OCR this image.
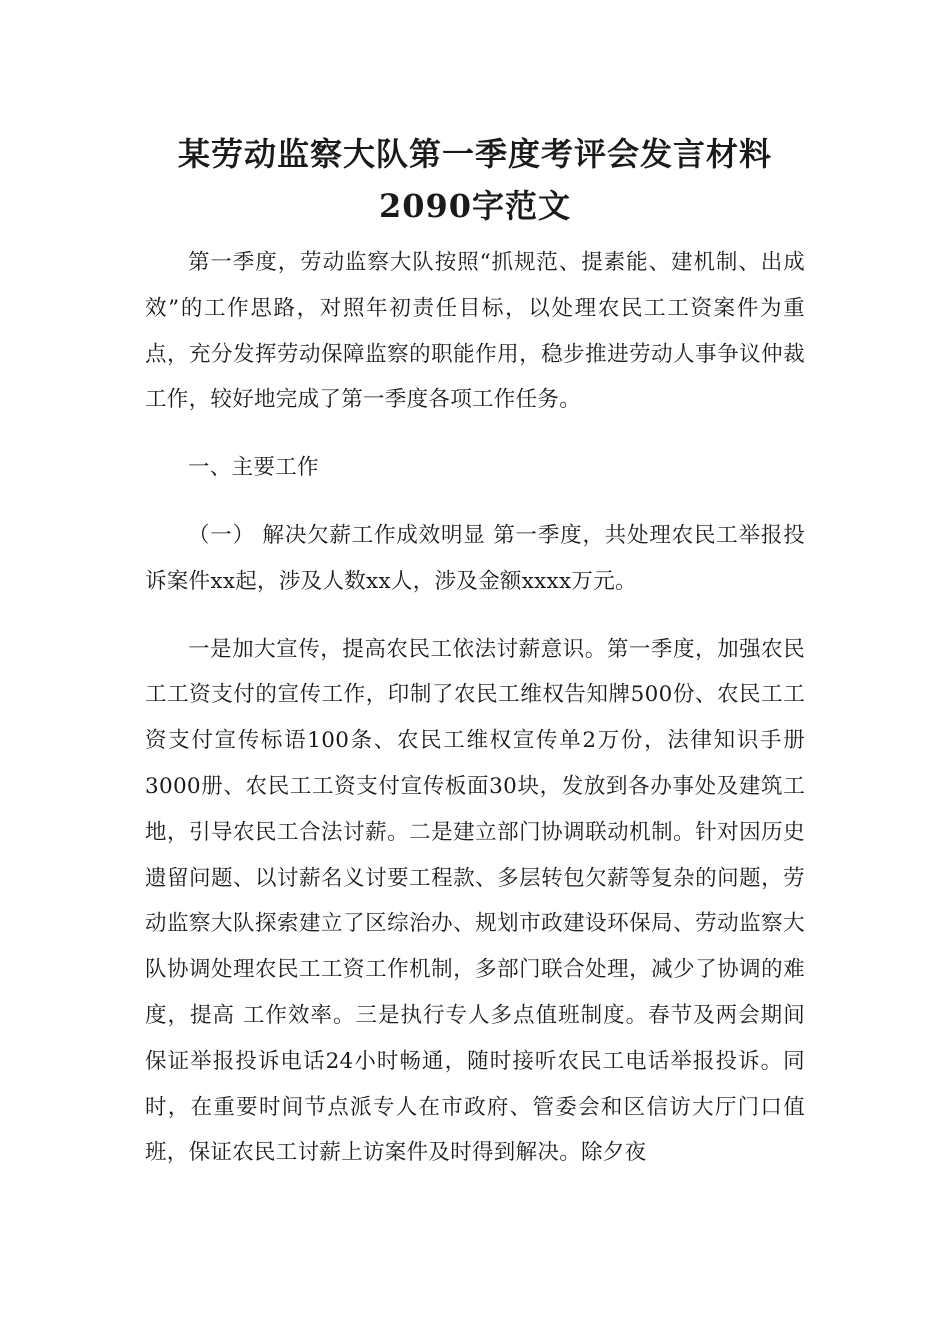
某劳动监察大队第一季度考评会发言材料2090字范文

第一季度，劳动监察大队按照“抓规范、提素能、建机制、出成效”的工作思路，对照年初责任目标，以处理农民工工资案件为重点，充分发挥劳动保障监察的职能作用，稳步推进劳动人事争议仲裁工作，较好地完成了第一季度各项工作任务。

一、主要工作

（一） 解决欠薪工作成效明显 第一季度，共处理农民工举报投诉案件xx起，涉及人数xx人，涉及金额xxxx万元。

一是加大宣传，提高农民工依法讨薪意识。第一季度，加强农民工工资支付的宣传工作，印制了农民工维权告知牌500份、农民工工资支付宣传标语100条、农民工维权宣传单2万份，法律知识手册3000册、农民工工资支付宣传板面30块，发放到各办事处及建筑工地，引导农民工合法讨薪。二是建立部门协调联动机制。针对因历史遗留问题、以讨薪名义讨要工程款、多层转包欠薪等复杂的问题，劳动监察大队探索建立了区综治办、规划市政建设环保局、劳动监察大队协调处理农民工工资工作机制，多部门联合处理，减少了协调的难度，提高 工作效率。三是执行专人多点值班制度。春节及两会期间保证举报投诉电话24小时畅通，随时接听农民工电话举报投诉。同时，在重要时间节点派专人在市政府、管委会和区信访大厅门口值班，保证农民工讨薪上访案件及时得到解决。除夕夜
